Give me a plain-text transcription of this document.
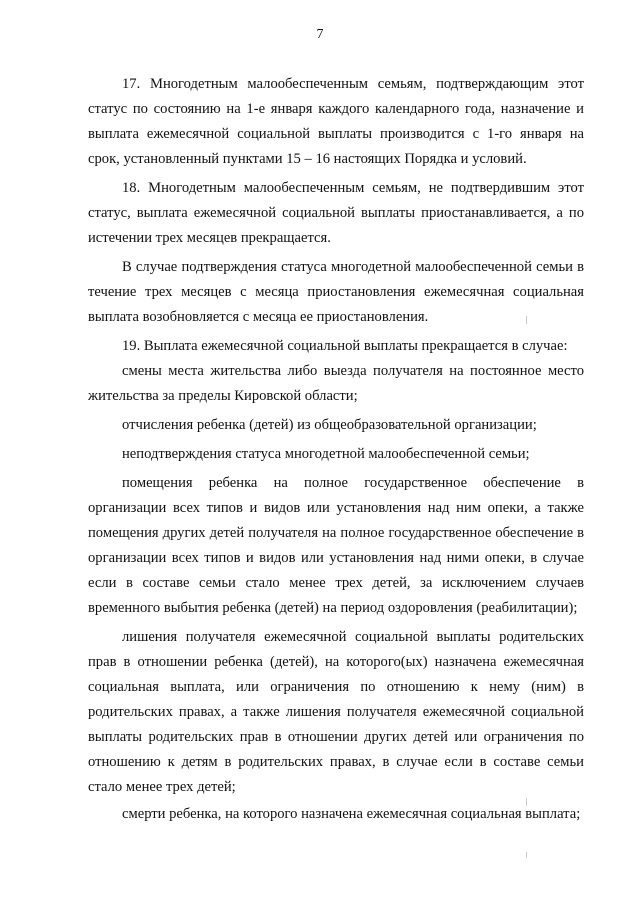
7

17. Многодетным малообеспеченным семьям, подтверждающим этот статус по состоянию на 1-е января каждого календарного года, назначение и выплата ежемесячной социальной выплаты производится с 1-го января на срок, установленный пунктами 15 – 16 настоящих Порядка и условий.

18. Многодетным малообеспеченным семьям, не подтвердившим этот статус, выплата ежемесячной социальной выплаты приостанавливается, а по истечении трех месяцев прекращается.

В случае подтверждения статуса многодетной малообеспеченной семьи в течение трех месяцев с месяца приостановления ежемесячная социальная выплата возобновляется с месяца ее приостановления.

19. Выплата ежемесячной социальной выплаты прекращается в случае:

смены места жительства либо выезда получателя на постоянное место жительства за пределы Кировской области;

отчисления ребенка (детей) из общеобразовательной организации;

неподтверждения статуса многодетной малообеспеченной семьи;

помещения ребенка на полное государственное обеспечение в организации всех типов и видов или установления над ним опеки, а также помещения других детей получателя на полное государственное обеспечение в организации всех типов и видов или установления над ними опеки, в случае если в составе семьи стало менее трех детей, за исключением случаев временного выбытия ребенка (детей) на период оздоровления (реабилитации);

лишения получателя ежемесячной социальной выплаты родительских прав в отношении ребенка (детей), на которого(ых) назначена ежемесячная социальная выплата, или ограничения по отношению к нему (ним) в родительских правах, а также лишения получателя ежемесячной социальной выплаты родительских прав в отношении других детей или ограничения по отношению к детям в родительских правах, в случае если в составе семьи стало менее трех детей;

смерти ребенка, на которого назначена ежемесячная социальная выплата;
